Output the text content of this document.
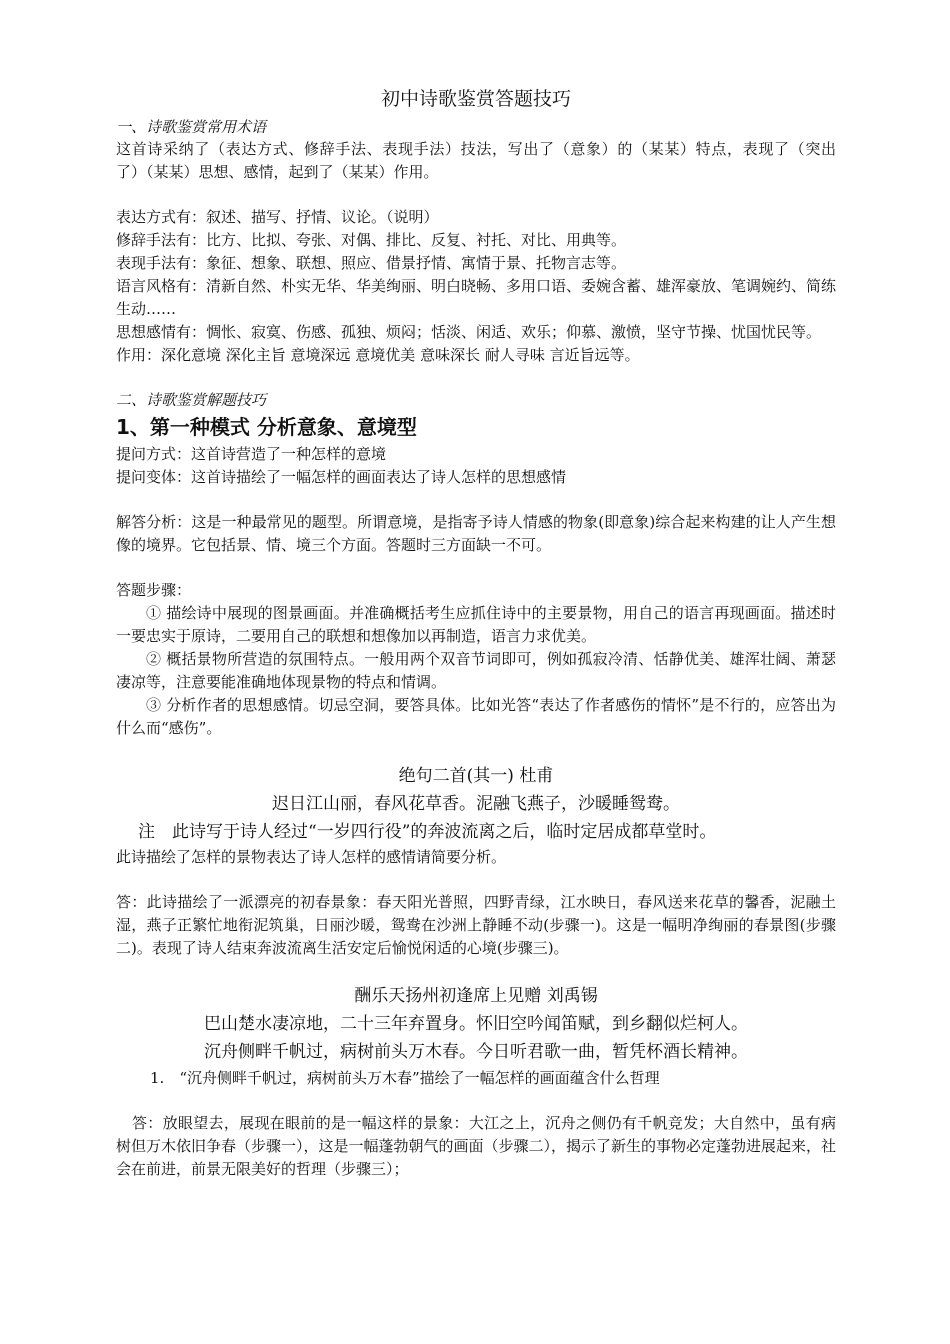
初中诗歌鉴赏答题技巧

一、诗歌鉴赏常用术语

这首诗采纳了（表达方式、修辞手法、表现手法）技法，写出了（意象）的（某某）特点，表现了（突出了）（某某）思想、感情，起到了（某某）作用。

表达方式有：叙述、描写、抒情、议论。（说明）

修辞手法有：比方、比拟、夸张、对偶、排比、反复、衬托、对比、用典等。

表现手法有：象征、想象、联想、照应、借景抒情、寓情于景、托物言志等。

语言风格有：清新自然、朴实无华、华美绚丽、明白晓畅、多用口语、委婉含蓄、雄浑豪放、笔调婉约、简练生动……

思想感情有：惆怅、寂寞、伤感、孤独、烦闷；恬淡、闲适、欢乐；仰慕、激愤，坚守节操、忧国忧民等。

作用：深化意境 深化主旨 意境深远 意境优美 意味深长 耐人寻味 言近旨远等。

二、诗歌鉴赏解题技巧

1、第一种模式 分析意象、意境型

提问方式：这首诗营造了一种怎样的意境

提问变体：这首诗描绘了一幅怎样的画面表达了诗人怎样的思想感情

解答分析：这是一种最常见的题型。所谓意境，是指寄予诗人情感的物象(即意象)综合起来构建的让人产生想像的境界。它包括景、情、境三个方面。答题时三方面缺一不可。

答题步骤：

① 描绘诗中展现的图景画面。并准确概括考生应抓住诗中的主要景物，用自己的语言再现画面。描述时一要忠实于原诗，二要用自己的联想和想像加以再制造，语言力求优美。

② 概括景物所营造的氛围特点。一般用两个双音节词即可，例如孤寂冷清、恬静优美、雄浑壮阔、萧瑟凄凉等，注意要能准确地体现景物的特点和情调。

③ 分析作者的思想感情。切忌空洞，要答具体。比如光答“表达了作者感伤的情怀”是不行的，应答出为什么而“感伤”。

绝句二首(其一) 杜甫

迟日江山丽，春风花草香。泥融飞燕子，沙暖睡鸳鸯。

注　此诗写于诗人经过“一岁四行役”的奔波流离之后，临时定居成都草堂时。

此诗描绘了怎样的景物表达了诗人怎样的感情请简要分析。

答：此诗描绘了一派漂亮的初春景象：春天阳光普照，四野青绿，江水映日，春风送来花草的馨香，泥融土湿，燕子正繁忙地衔泥筑巢，日丽沙暖，鸳鸯在沙洲上静睡不动(步骤一)。这是一幅明净绚丽的春景图(步骤二)。表现了诗人结束奔波流离生活安定后愉悦闲适的心境(步骤三)。

酬乐天扬州初逢席上见赠 刘禹锡

巴山楚水凄凉地，二十三年弃置身。怀旧空吟闻笛赋，到乡翻似烂柯人。

沉舟侧畔千帆过，病树前头万木春。今日听君歌一曲，暂凭杯酒长精神。

1.　 “沉舟侧畔千帆过，病树前头万木春”描绘了一幅怎样的画面蕴含什么哲理

答：放眼望去，展现在眼前的是一幅这样的景象：大江之上，沉舟之侧仍有千帆竞发；大自然中，虽有病树但万木依旧争春（步骤一），这是一幅蓬勃朝气的画面（步骤二），揭示了新生的事物必定蓬勃进展起来，社会在前进，前景无限美好的哲理（步骤三）；
